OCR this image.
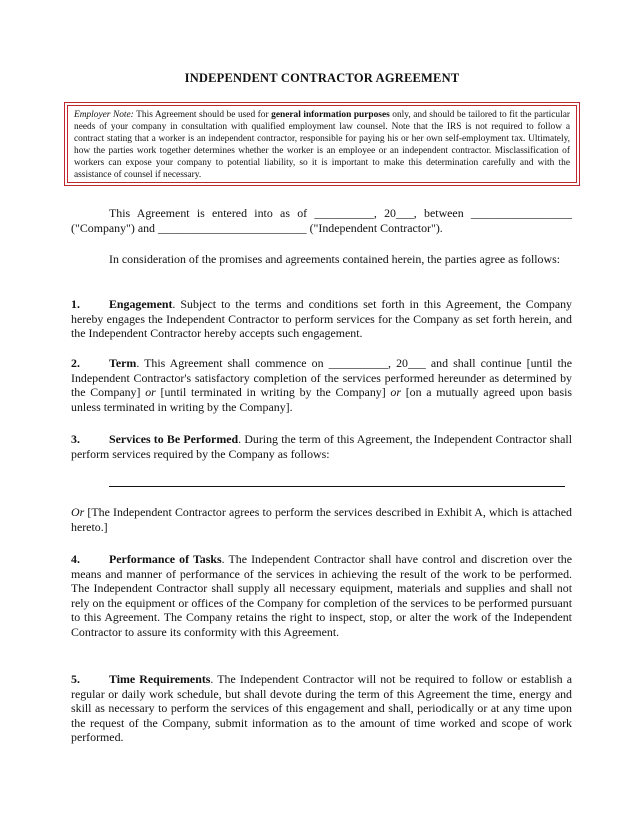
INDEPENDENT CONTRACTOR AGREEMENT
Employer Note: This Agreement should be used for general information purposes only, and should be tailored to fit the particular needs of your company in consultation with qualified employment law counsel. Note that the IRS is not required to follow a contract stating that a worker is an independent contractor, responsible for paying his or her own self-employment tax. Ultimately, how the parties work together determines whether the worker is an employee or an independent contractor. Misclassification of workers can expose your company to potential liability, so it is important to make this determination carefully and with the assistance of counsel if necessary.
This Agreement is entered into as of __________, 20___, between _________________ ("Company") and _________________________ ("Independent Contractor").
In consideration of the promises and agreements contained herein, the parties agree as follows:
1. Engagement. Subject to the terms and conditions set forth in this Agreement, the Company hereby engages the Independent Contractor to perform services for the Company as set forth herein, and the Independent Contractor hereby accepts such engagement.
2. Term. This Agreement shall commence on __________, 20___ and shall continue [until the Independent Contractor's satisfactory completion of the services performed hereunder as determined by the Company] or [until terminated in writing by the Company] or [on a mutually agreed upon basis unless terminated in writing by the Company].
3. Services to Be Performed. During the term of this Agreement, the Independent Contractor shall perform services required by the Company as follows:
Or [The Independent Contractor agrees to perform the services described in Exhibit A, which is attached hereto.]
4. Performance of Tasks. The Independent Contractor shall have control and discretion over the means and manner of performance of the services in achieving the result of the work to be performed. The Independent Contractor shall supply all necessary equipment, materials and supplies and shall not rely on the equipment or offices of the Company for completion of the services to be performed pursuant to this Agreement. The Company retains the right to inspect, stop, or alter the work of the Independent Contractor to assure its conformity with this Agreement.
5. Time Requirements. The Independent Contractor will not be required to follow or establish a regular or daily work schedule, but shall devote during the term of this Agreement the time, energy and skill as necessary to perform the services of this engagement and shall, periodically or at any time upon the request of the Company, submit information as to the amount of time worked and scope of work performed.
